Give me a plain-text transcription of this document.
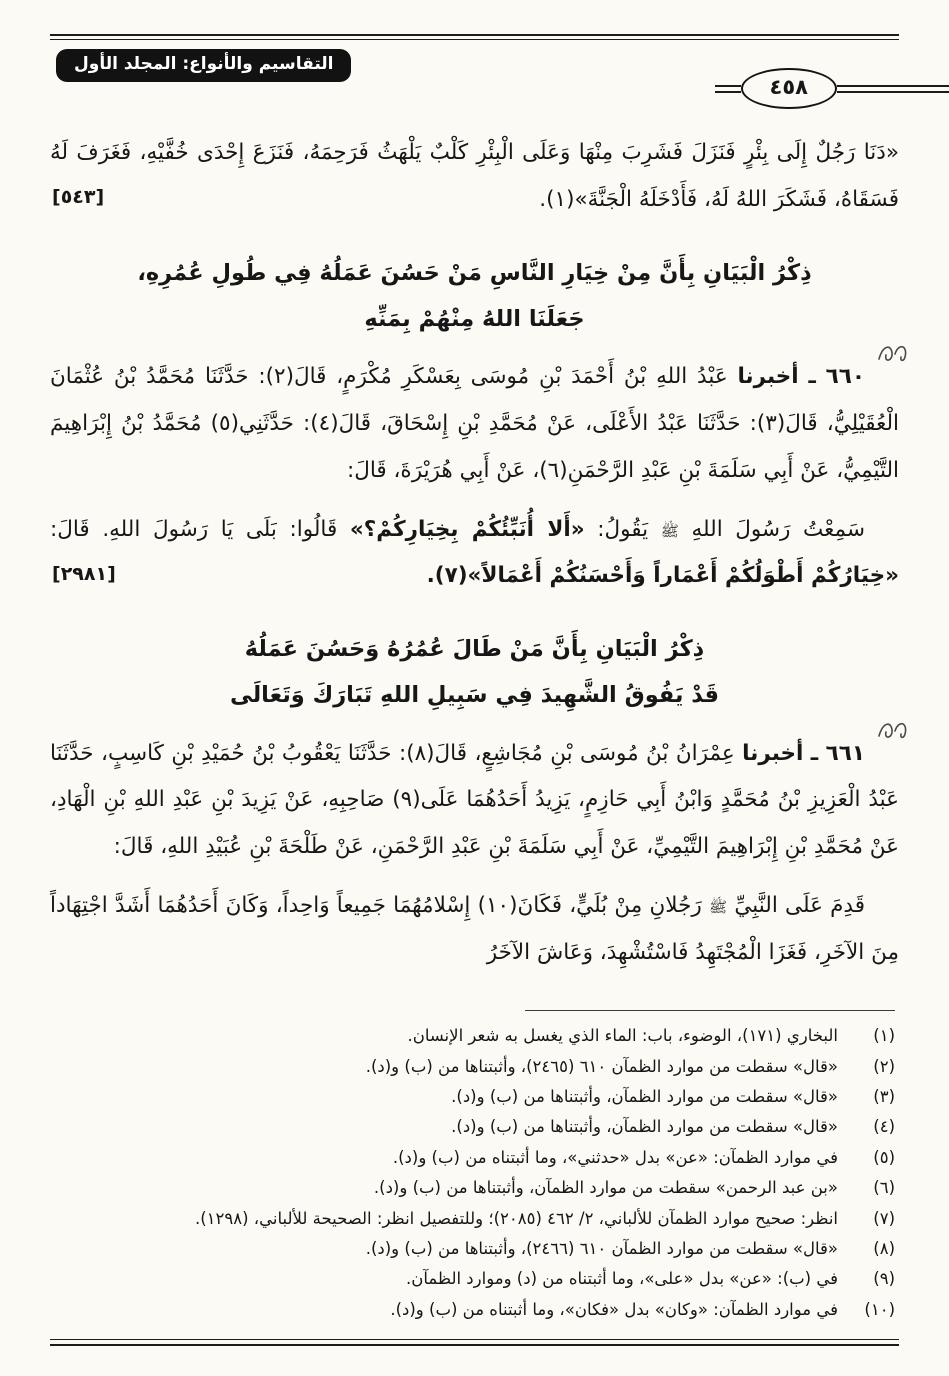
التقاسيم والأنواع: المجلد الأول
٤٥٨

«دَنَا رَجُلٌ إِلَى بِئْرٍ فَنَزَلَ فَشَرِبَ مِنْهَا وَعَلَى الْبِئْرِ كَلْبٌ يَلْهَثُ فَرَحِمَهُ، فَنَزَعَ إِحْدَى خُفَّيْهِ، فَغَرَفَ لَهُ فَسَقَاهُ، فَشَكَرَ اللهُ لَهُ، فَأَدْخَلَهُ الْجَنَّةَ»(١).
[٥٤٣]

ذِكْرُ الْبَيَانِ بِأَنَّ مِنْ خِيَارِ النَّاسِ مَنْ حَسُنَ عَمَلُهُ فِي طُولِ عُمُرِهِ،
جَعَلَنَا اللهُ مِنْهُمْ بِمَنِّهِ

٦٦٠ ـ أخبرنا عَبْدُ اللهِ بْنُ أَحْمَدَ بْنِ مُوسَى بِعَسْكَرِ مُكْرَمٍ، قَالَ(٢): حَدَّثَنَا مُحَمَّدُ بْنُ عُثْمَانَ الْعُقَيْلِيُّ، قَالَ(٣): حَدَّثَنَا عَبْدُ الأَعْلَى، عَنْ مُحَمَّدِ بْنِ إِسْحَاقَ، قَالَ(٤): حَدَّثَنِي(٥) مُحَمَّدُ بْنُ إِبْرَاهِيمَ التَّيْمِيُّ، عَنْ أَبِي سَلَمَةَ بْنِ عَبْدِ الرَّحْمَنِ(٦)، عَنْ أَبِي هُرَيْرَةَ، قَالَ:

سَمِعْتُ رَسُولَ اللهِ ﷺ يَقُولُ: «أَلا أُنَبِّئُكُمْ بِخِيَارِكُمْ؟» قَالُوا: بَلَى يَا رَسُولَ اللهِ. قَالَ: «خِيَارُكُمْ أَطْوَلُكُمْ أَعْمَاراً وَأَحْسَنُكُمْ أَعْمَالاً»(٧).
[٢٩٨١]

ذِكْرُ الْبَيَانِ بِأَنَّ مَنْ طَالَ عُمُرُهُ وَحَسُنَ عَمَلُهُ
قَدْ يَفُوقُ الشَّهِيدَ فِي سَبِيلِ اللهِ تَبَارَكَ وَتَعَالَى

٦٦١ ـ أخبرنا عِمْرَانُ بْنُ مُوسَى بْنِ مُجَاشِعٍ، قَالَ(٨): حَدَّثَنَا يَعْقُوبُ بْنُ حُمَيْدِ بْنِ كَاسِبٍ، حَدَّثَنَا عَبْدُ الْعَزِيزِ بْنُ مُحَمَّدٍ وَابْنُ أَبِي حَازِمٍ، يَزِيدُ أَحَدُهُمَا عَلَى(٩) صَاحِبِهِ، عَنْ يَزِيدَ بْنِ عَبْدِ اللهِ بْنِ الْهَادِ، عَنْ مُحَمَّدِ بْنِ إِبْرَاهِيمَ التَّيْمِيِّ، عَنْ أَبِي سَلَمَةَ بْنِ عَبْدِ الرَّحْمَنِ، عَنْ طَلْحَةَ بْنِ عُبَيْدِ اللهِ، قَالَ:

قَدِمَ عَلَى النَّبِيِّ ﷺ رَجُلانِ مِنْ بُلَيٍّ، فَكَانَ(١٠) إِسْلامُهُمَا جَمِيعاً وَاحِداً، وَكَانَ أَحَدُهُمَا أَشَدَّ اجْتِهَاداً مِنَ الآخَرِ، فَغَزَا الْمُجْتَهِدُ فَاسْتُشْهِدَ، وَعَاشَ الآخَرُ

(١)
البخاري (١٧١)، الوضوء، باب: الماء الذي يغسل به شعر الإنسان.
(٢)
«قال» سقطت من موارد الظمآن ٦١٠ (٢٤٦٥)، وأثبتناها من (ب) و(د).
(٣)
«قال» سقطت من موارد الظمآن، وأثبتناها من (ب) و(د).
(٤)
«قال» سقطت من موارد الظمآن، وأثبتناها من (ب) و(د).
(٥)
في موارد الظمآن: «عن» بدل «حدثني»، وما أثبتناه من (ب) و(د).
(٦)
«بن عبد الرحمن» سقطت من موارد الظمآن، وأثبتناها من (ب) و(د).
(٧)
انظر: صحيح موارد الظمآن للألباني، ٢/ ٤٦٢ (٢٠٨٥)؛ وللتفصيل انظر: الصحيحة للألباني، (١٢٩٨).
(٨)
«قال» سقطت من موارد الظمآن ٦١٠ (٢٤٦٦)، وأثبتناها من (ب) و(د).
(٩)
في (ب): «عن» بدل «على»، وما أثبتناه من (د) وموارد الظمآن.
(١٠)
في موارد الظمآن: «وكان» بدل «فكان»، وما أثبتناه من (ب) و(د).
